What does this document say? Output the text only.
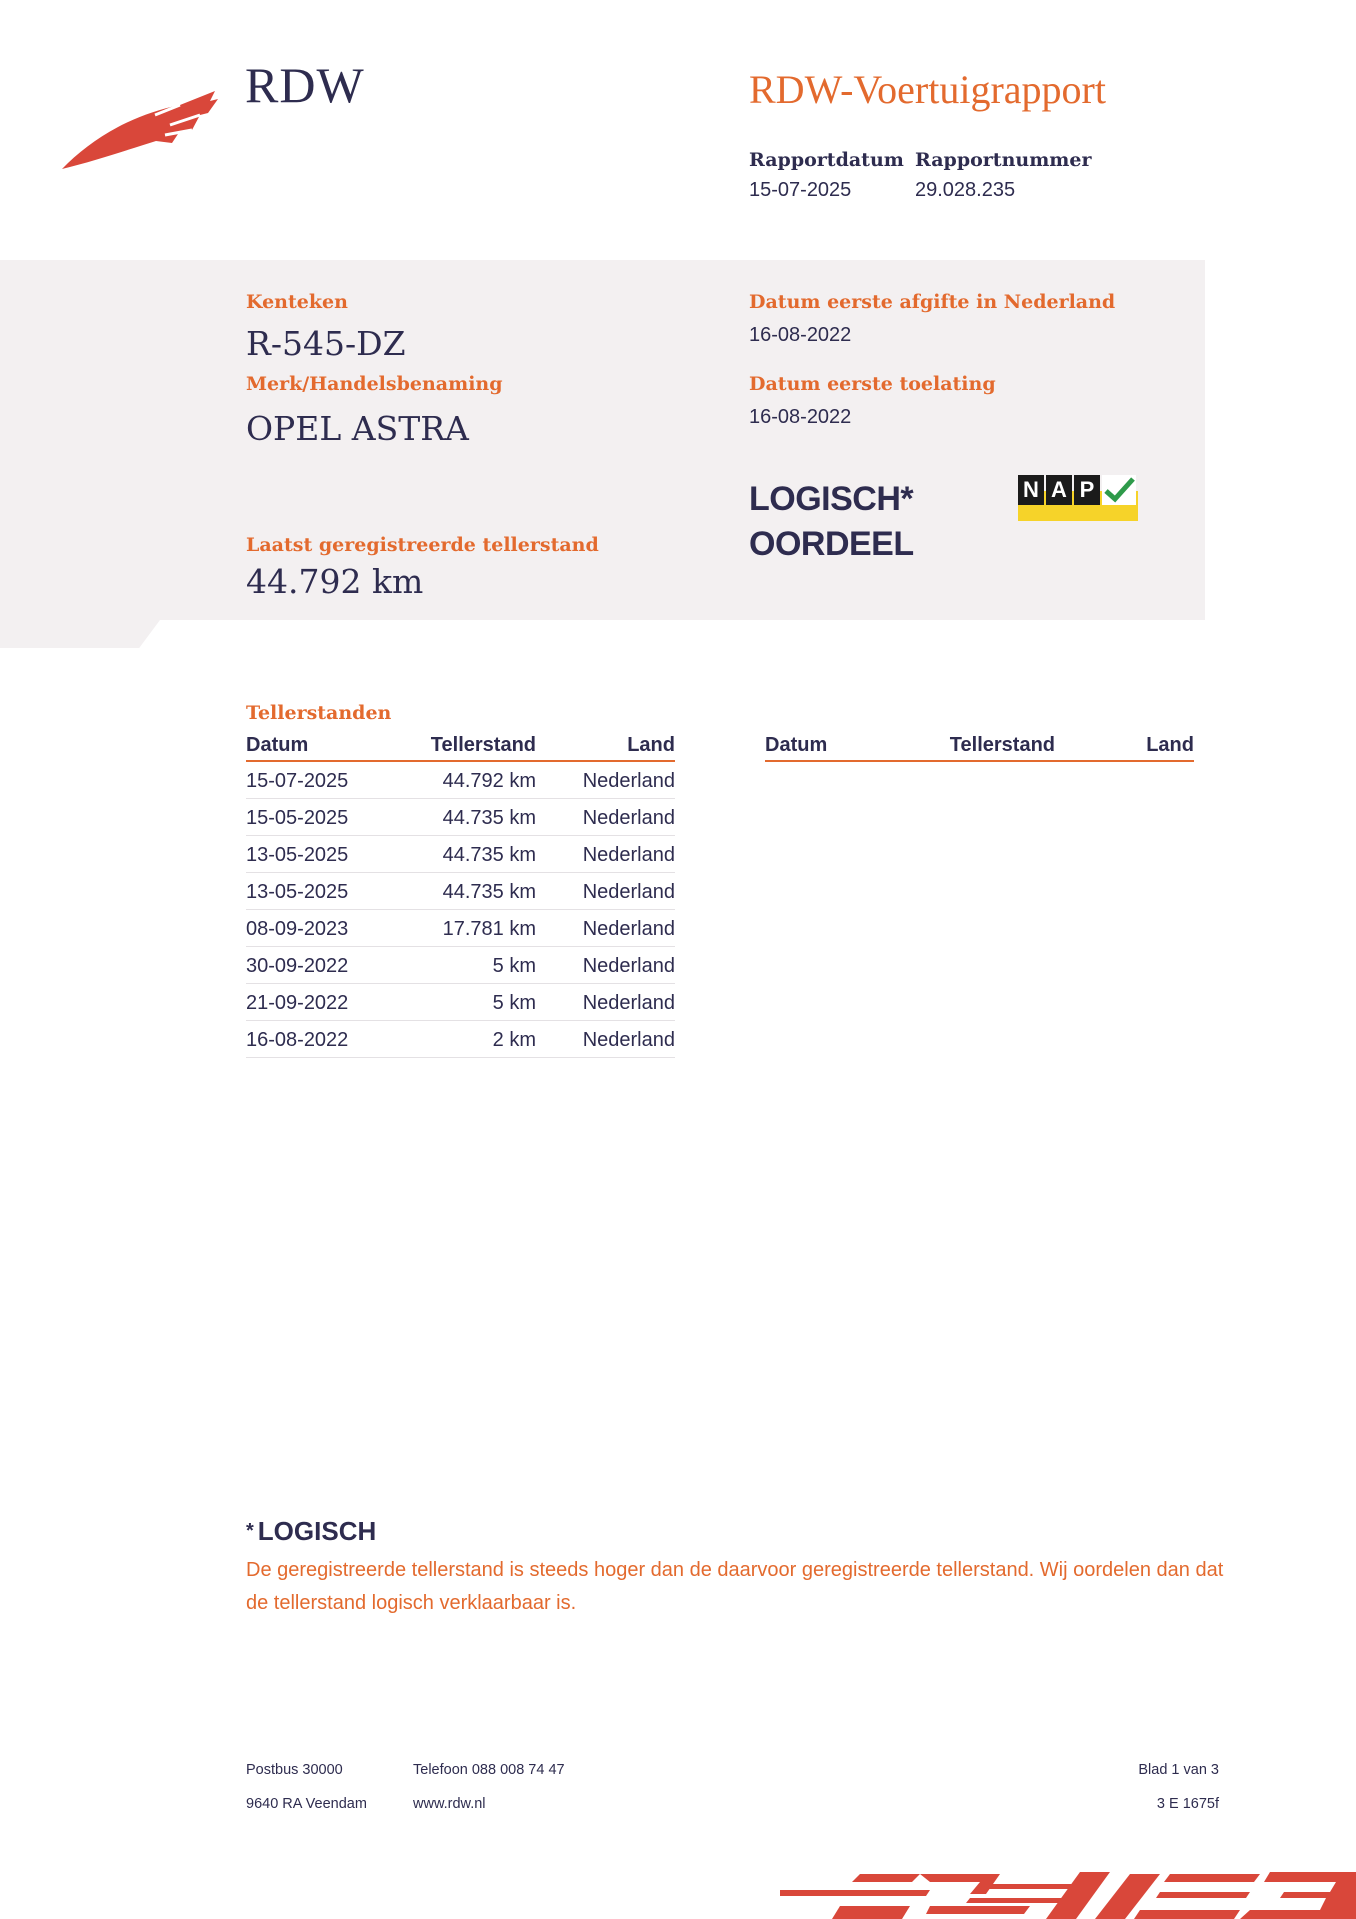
RDW	RDW-Voertuigrapport
Rapportdatum
15-07-2025
Rapportnummer
29.028.235
Kenteken
R-545-DZ
Merk/Handelsbenaming
OPEL ASTRA
Datum eerste afgifte in Nederland
16-08-2022
Datum eerste toelating
16-08-2022
LOGISCH*
OORDEEL
N A P
Laatst geregistreerde tellerstand
44.792 km
Tellerstanden
Datum	Tellerstand	Land
15-07-2025	44.792 km	Nederland
15-05-2025	44.735 km	Nederland
13-05-2025	44.735 km	Nederland
13-05-2025	44.735 km	Nederland
08-09-2023	17.781 km	Nederland
30-09-2022	5 km	Nederland
21-09-2022	5 km	Nederland
16-08-2022	2 km	Nederland
Datum	Tellerstand	Land
* LOGISCH
De geregistreerde tellerstand is steeds hoger dan de daarvoor geregistreerde tellerstand. Wij oordelen dan dat de tellerstand logisch verklaarbaar is.
Postbus 30000
9640 RA Veendam
Telefoon 088 008 74 47
www.rdw.nl
Blad 1 van 3
3 E 1675f
